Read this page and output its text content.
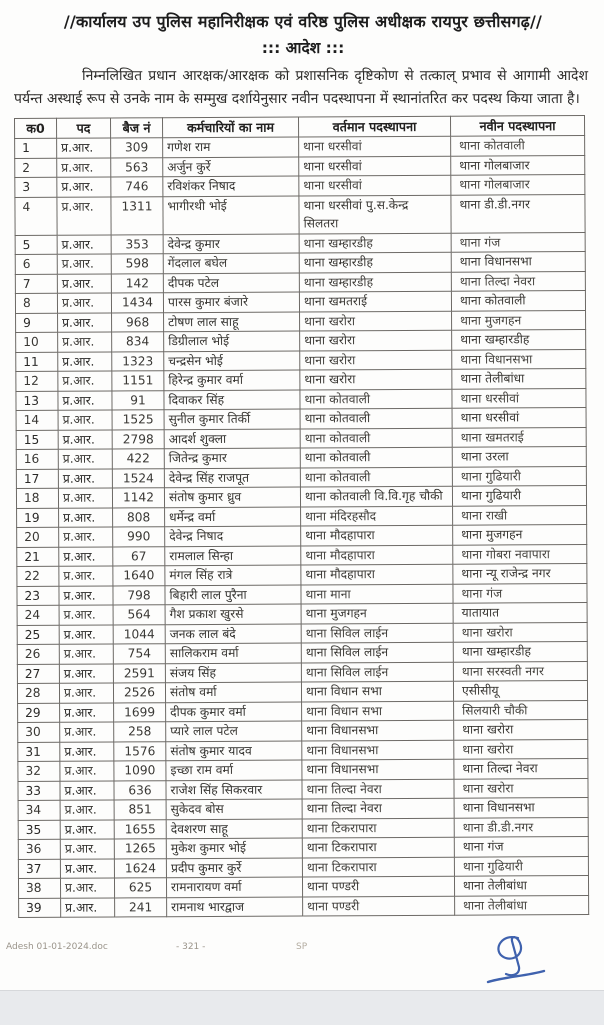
//कार्यालय उप पुलिस महानिरीक्षक एवं वरिष्ठ पुलिस अधीक्षक रायपुर छत्तीसगढ़//
::: आदेश :::

निम्नलिखित प्रधान आरक्षक/आरक्षक को प्रशासनिक दृष्टिकोण से तत्काल् प्रभाव से आगामी आदेश पर्यन्त अस्थाई रूप से उनके नाम के सम्मुख दर्शायेनुसार नवीन पदस्थापना में स्थानांतरित कर पदस्थ किया जाता है।

क0	पद	बैज नं	कर्मचारियों का नाम	वर्तमान पदस्थापना	नवीन पदस्थापना
1	प्र.आर.	309	गणेश राम	थाना धरसीवां	थाना कोतवाली
2	प्र.आर.	563	अर्जुन कुर्रे	थाना धरसीवां	थाना गोलबाजार
3	प्र.आर.	746	रविशंकर निषाद	थाना धरसीवां	थाना गोलबाजार
4	प्र.आर.	1311	भागीरथी भोई	थाना धरसीवां पु.स.केन्द्र सिलतरा	थाना डी.डी.नगर
5	प्र.आर.	353	देवेन्द्र कुमार	थाना खम्हारडीह	थाना गंज
6	प्र.आर.	598	गेंदलाल बघेल	थाना खम्हारडीह	थाना विधानसभा
7	प्र.आर.	142	दीपक पटेल	थाना खम्हारडीह	थाना तिल्दा नेवरा
8	प्र.आर.	1434	पारस कुमार बंजारे	थाना खमतराई	थाना कोतवाली
9	प्र.आर.	968	टोषण लाल साहू	थाना खरोरा	थाना मुजगहन
10	प्र.आर.	834	डिग्रीलाल भोई	थाना खरोरा	थाना खम्हारडीह
11	प्र.आर.	1323	चन्द्रसेन भोई	थाना खरोरा	थाना विधानसभा
12	प्र.आर.	1151	हिरेन्द्र कुमार वर्मा	थाना खरोरा	थाना तेलीबांधा
13	प्र.आर.	91	दिवाकर सिंह	थाना कोतवाली	थाना धरसीवां
14	प्र.आर.	1525	सुनील कुमार तिर्की	थाना कोतवाली	थाना धरसीवां
15	प्र.आर.	2798	आदर्श शुक्ला	थाना कोतवाली	थाना खमतराई
16	प्र.आर.	422	जितेन्द्र कुमार	थाना कोतवाली	थाना उरला
17	प्र.आर.	1524	देवेन्द्र सिंह राजपूत	थाना कोतवाली	थाना गुढियारी
18	प्र.आर.	1142	संतोष कुमार ध्रुव	थाना कोतवाली वि.वि.गृह चौकी	थाना गुढियारी
19	प्र.आर.	808	धर्मेन्द्र वर्मा	थाना मंदिरहसौद	थाना राखी
20	प्र.आर.	990	देवेन्द्र निषाद	थाना मौदहापारा	थाना मुजगहन
21	प्र.आर.	67	रामलाल सिन्हा	थाना मौदहापारा	थाना गोबरा नवापारा
22	प्र.आर.	1640	मंगल सिंह रात्रे	थाना मौदहापारा	थाना न्यू राजेन्द्र नगर
23	प्र.आर.	798	बिहारी लाल पुरैना	थाना माना	थाना गंज
24	प्र.आर.	564	गैश प्रकाश खुरसे	थाना मुजगहन	यातायात
25	प्र.आर.	1044	जनक लाल बंदे	थाना सिविल लाईन	थाना खरोरा
26	प्र.आर.	754	सालिकराम वर्मा	थाना सिविल लाईन	थाना खम्हारडीह
27	प्र.आर.	2591	संजय सिंह	थाना सिविल लाईन	थाना सरस्वती नगर
28	प्र.आर.	2526	संतोष वर्मा	थाना विधान सभा	एसीसीयू
29	प्र.आर.	1699	दीपक कुमार वर्मा	थाना विधान सभा	सिलयारी चौकी
30	प्र.आर.	258	प्यारे लाल पटेल	थाना विधानसभा	थाना खरोरा
31	प्र.आर.	1576	संतोष कुमार यादव	थाना विधानसभा	थाना खरोरा
32	प्र.आर.	1090	इच्छा राम वर्मा	थाना विधानसभा	थाना तिल्दा नेवरा
33	प्र.आर.	636	राजेश सिंह सिकरवार	थाना तिल्दा नेवरा	थाना खरोरा
34	प्र.आर.	851	सुकेदव बोस	थाना तिल्दा नेवरा	थाना विधानसभा
35	प्र.आर.	1655	देवशरण साहू	थाना टिकरापारा	थाना डी.डी.नगर
36	प्र.आर.	1265	मुकेश कुमार भोई	थाना टिकरापारा	थाना गंज
37	प्र.आर.	1624	प्रदीप कुमार कुर्रे	थाना टिकरापारा	थाना गुढियारी
38	प्र.आर.	625	रामनारायण वर्मा	थाना पण्डरी	थाना तेलीबांधा
39	प्र.आर.	241	रामनाथ भारद्वाज	थाना पण्डरी	थाना तेलीबांधा
Adesh 01-01-2024.doc	- 321 -	SP
